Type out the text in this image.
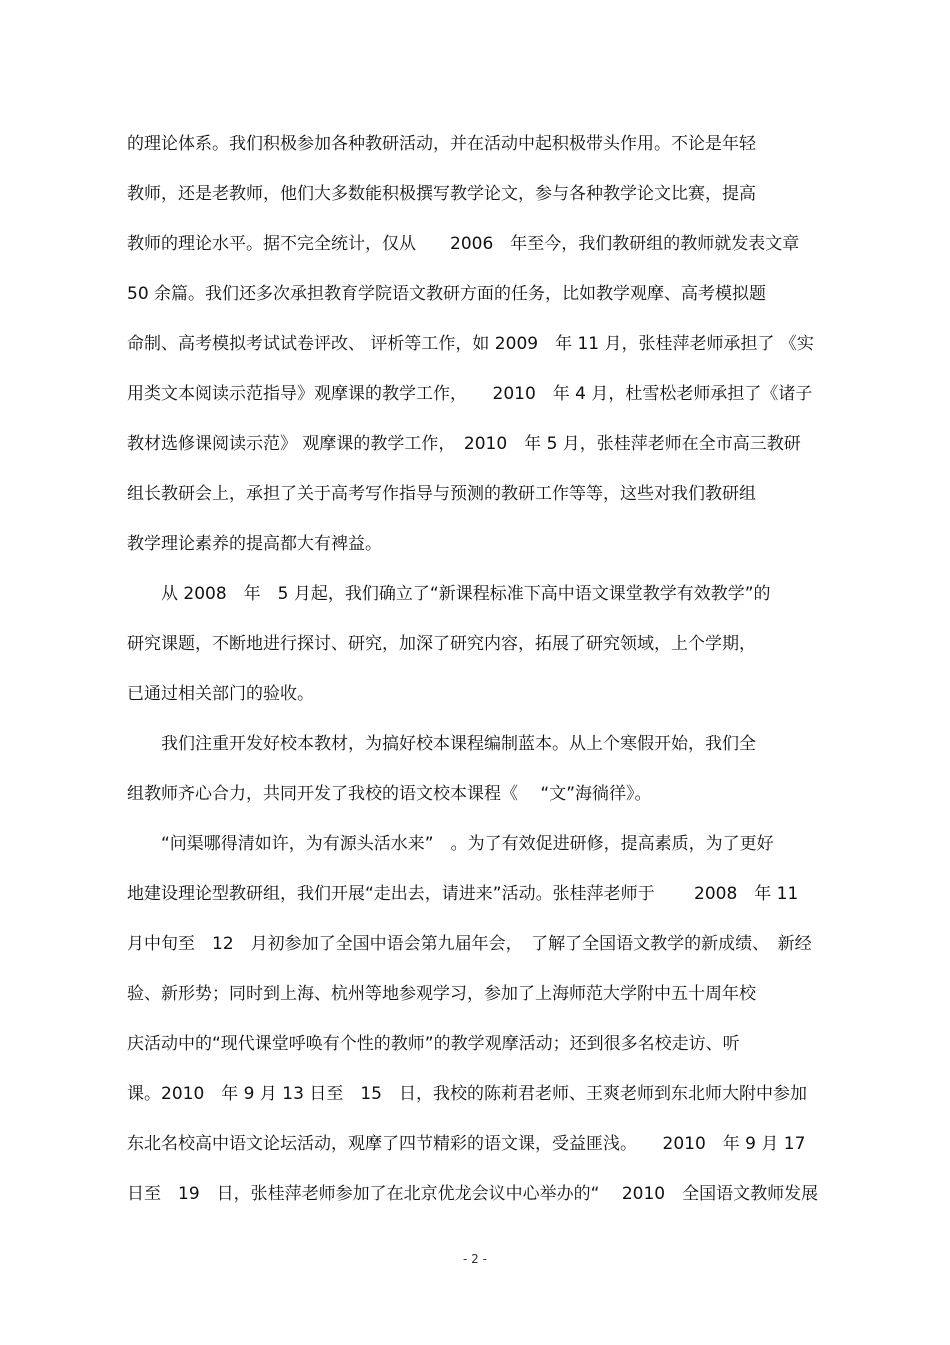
的理论体系。我们积极参加各种教研活动，并在活动中起积极带头作用。不论是年轻
教师，还是老教师，他们大多数能积极撰写教学论文，参与各种教学论文比赛，提高
教师的理论水平。据不完全统计，仅从　　2006　年至今，我们教研组的教师就发表文章
50 余篇。我们还多次承担教育学院语文教研方面的任务，比如教学观摩、高考模拟题
命制、高考模拟考试试卷评改、 评析等工作，如 2009　年 11 月，张桂萍老师承担了 《实
用类文本阅读示范指导》观摩课的教学工作，　　2010　年 4 月，杜雪松老师承担了《诸子
教材选修课阅读示范》 观摩课的教学工作，　2010　年 5 月，张桂萍老师在全市高三教研
组长教研会上，承担了关于高考写作指导与预测的教研工作等等，这些对我们教研组
教学理论素养的提高都大有裨益。
　　从 2008　年　5 月起，我们确立了“新课程标准下高中语文课堂教学有效教学”的
研究课题，不断地进行探讨、研究，加深了研究内容，拓展了研究领域，上个学期，
已通过相关部门的验收。
　　我们注重开发好校本教材，为搞好校本课程编制蓝本。从上个寒假开始，我们全
组教师齐心合力，共同开发了我校的语文校本课程《　 “文”海徜徉》。
　　“问渠哪得清如许，为有源头活水来”　。为了有效促进研修，提高素质，为了更好
地建设理论型教研组，我们开展“走出去，请进来”活动。张桂萍老师于　　 2008　年 11
月中旬至　12　月初参加了全国中语会第九届年会，　了解了全国语文教学的新成绩、　新经
验、新形势；同时到上海、杭州等地参观学习，参加了上海师范大学附中五十周年校
庆活动中的“现代课堂呼唤有个性的教师”的教学观摩活动；还到很多名校走访、听
课。2010　年 9 月 13 日至　15　日，我校的陈莉君老师、王爽老师到东北师大附中参加
东北名校高中语文论坛活动，观摩了四节精彩的语文课，受益匪浅。　　2010　年 9 月 17
日至　19　日，张桂萍老师参加了在北京优龙会议中心举办的“　 2010　全国语文教师发展
- 2 -
